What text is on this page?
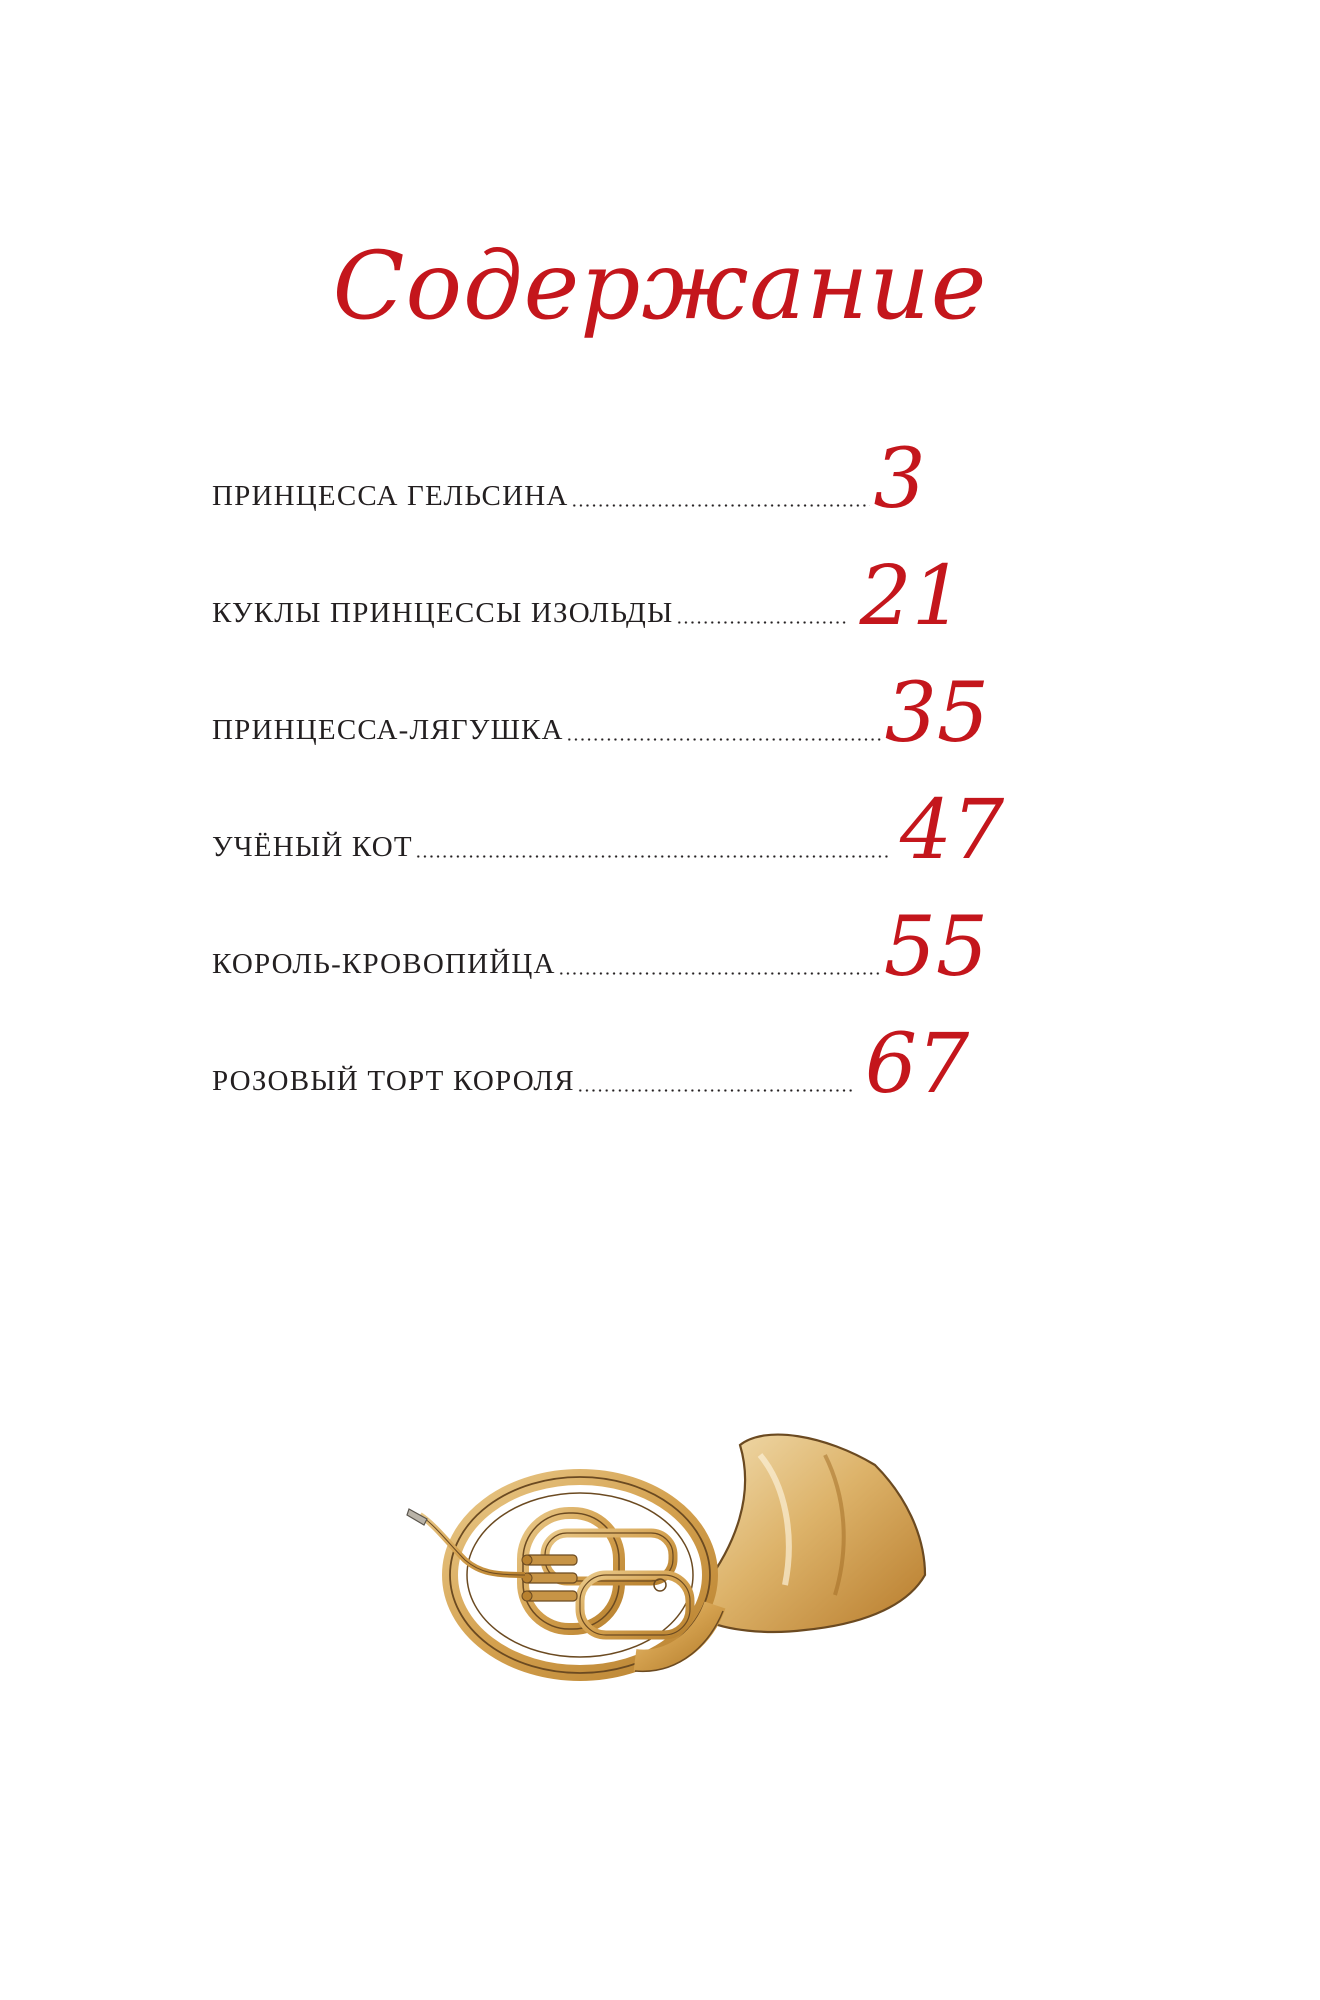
Содержание
ПРИНЦЕССА ГЕЛЬСИНА	3
КУКЛЫ ПРИНЦЕССЫ ИЗОЛЬДЫ 21
ПРИНЦЕССА-ЛЯГУШКА	35
УЧЁНЫЙ КОТ	47
КОРОЛЬ-КРОВОПИЙЦА	55
РОЗОВЫЙ ТОРТ КОРОЛЯ	67
